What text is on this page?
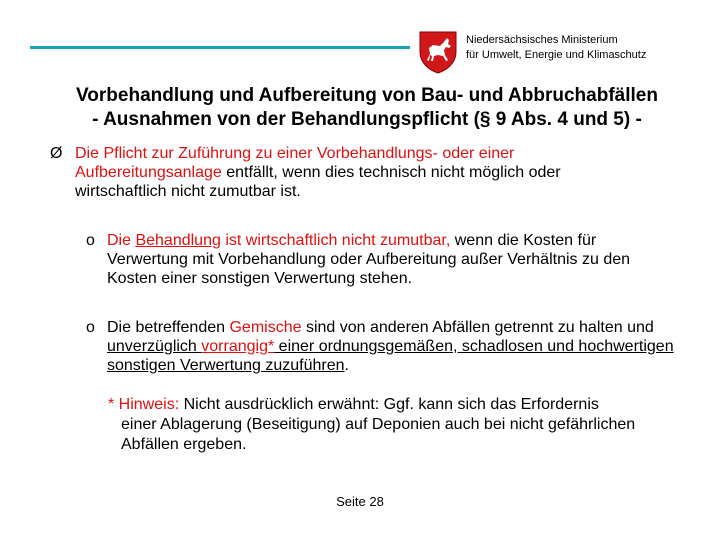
Niedersächsisches Ministerium
für Umwelt, Energie und Klimaschutz
Vorbehandlung und Aufbereitung von Bau- und Abbruchabfällen
- Ausnahmen von der Behandlungspflicht (§ 9 Abs. 4 und 5) -
Ø Die Pflicht zur Zuführung zu einer Vorbehandlungs- oder einer Aufbereitungsanlage entfällt, wenn dies technisch nicht möglich oder wirtschaftlich nicht zumutbar ist.
o Die Behandlung ist wirtschaftlich nicht zumutbar, wenn die Kosten für Verwertung mit Vorbehandlung oder Aufbereitung außer Verhältnis zu den Kosten einer sonstigen Verwertung stehen.
o Die betreffenden Gemische sind von anderen Abfällen getrennt zu halten und unverzüglich vorrangig* einer ordnungsgemäßen, schadlosen und hochwertigen sonstigen Verwertung zuzuführen.
* Hinweis: Nicht ausdrücklich erwähnt: Ggf. kann sich das Erfordernis
einer Ablagerung (Beseitigung) auf Deponien auch bei nicht gefährlichen Abfällen ergeben.
Seite 28
